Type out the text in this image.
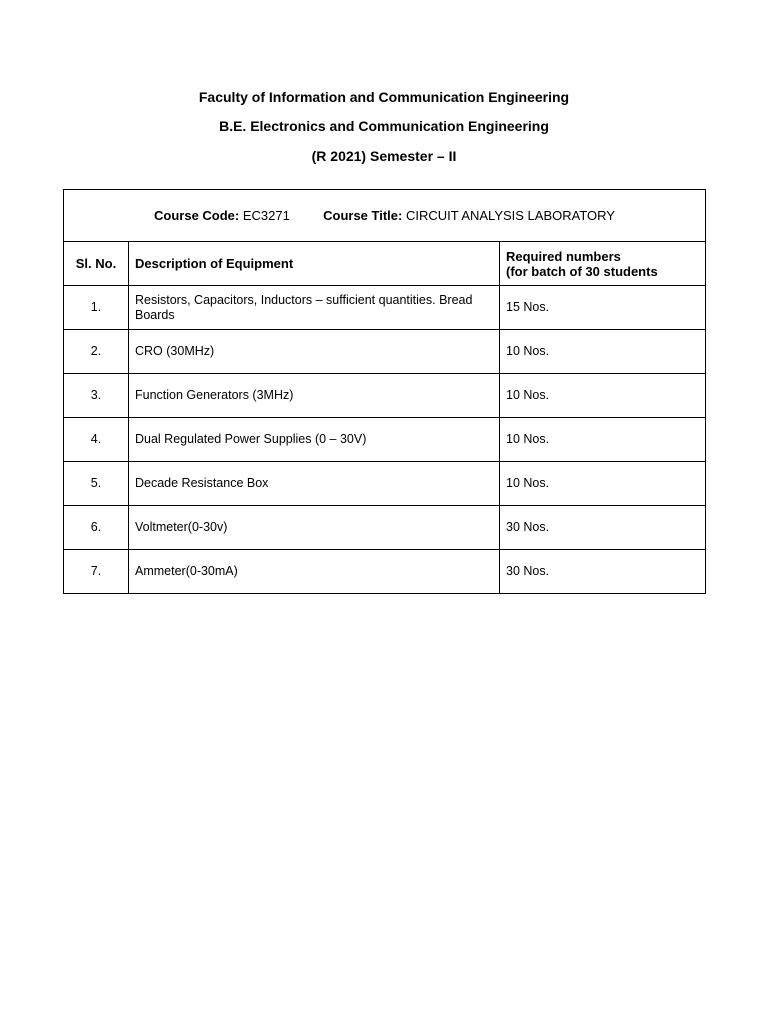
Faculty of Information and Communication Engineering
B.E. Electronics and Communication Engineering
(R 2021) Semester – II
Course Code: EC3271 Course Title: CIRCUIT ANALYSIS LABORATORY		
Sl. No.	Description of Equipment	Required numbers
(for batch of 30 students

1.	Resistors, Capacitors, Inductors – sufficient quantities. Bread Boards	15 Nos.
2.	CRO (30MHz)	10 Nos.
3.	Function Generators (3MHz)	10 Nos.
4.	Dual Regulated Power Supplies (0 – 30V)	10 Nos.
5.	Decade Resistance Box	10 Nos.
6.	Voltmeter(0-30v)	30 Nos.
7.	Ammeter(0-30mA)	30 Nos.
